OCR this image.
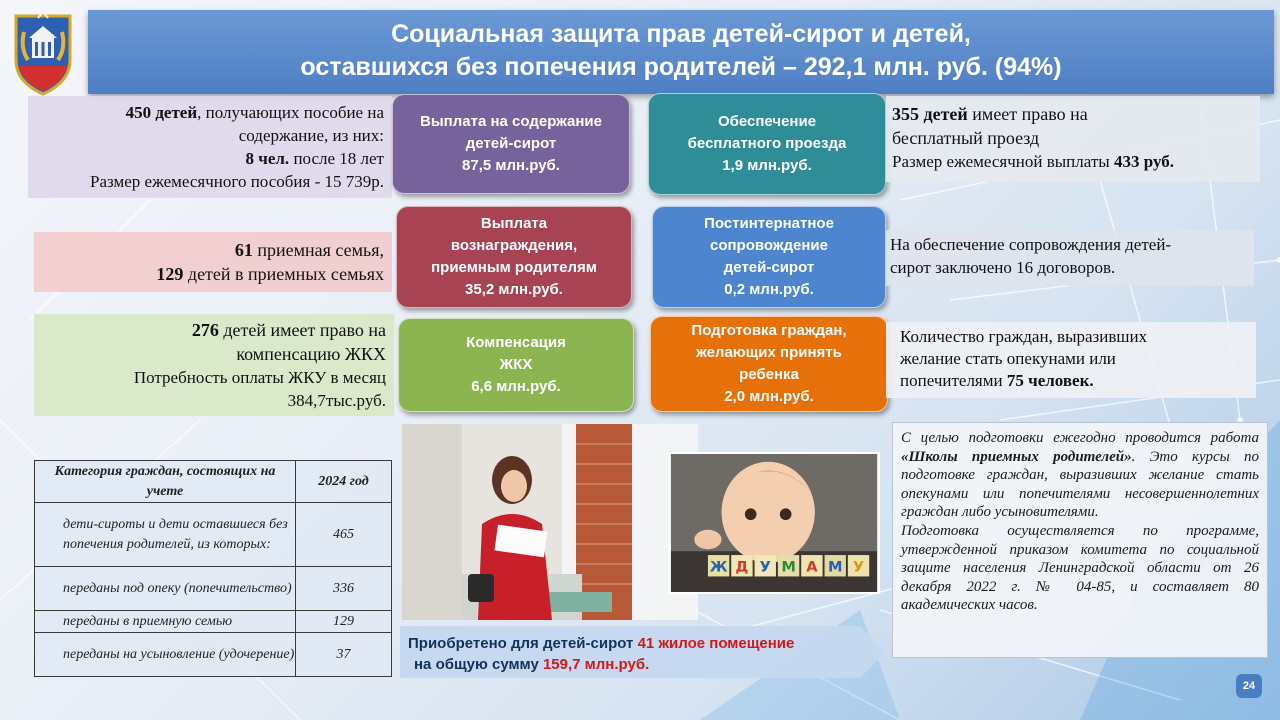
Социальная защита прав детей-сирот и детей,
оставшихся без попечения родителей – 292,1 млн. руб. (94%)
450 детей, получающих пособие на
содержание, из них:
8 чел. после 18 лет
Размер ежемесячного пособия - 15 739р.
61 приемная семья,
129 детей в приемных семьях
276 детей имеет право на
компенсацию ЖКХ
Потребность оплаты ЖКУ в месяц
384,7тыс.руб.
Выплата на содержание
детей-сирот
87,5 млн.руб.
Обеспечение
бесплатного проезда
1,9 млн.руб.
Выплата
вознаграждения,
приемным родителям
35,2 млн.руб.
Постинтернатное
сопровождение
детей-сирот
0,2 млн.руб.
Компенсация
ЖКХ
6,6 млн.руб.
Подготовка граждан,
желающих принять
ребенка
2,0 млн.руб.
355 детей имеет право на
бесплатный проезд
Размер ежемесячной выплаты 433 руб.
На обеспечение сопровождения детей-
сирот заключено 16 договоров.
Количество граждан, выразивших
желание стать опекунами или
попечителями 75 человек.
Категория граждан, состоящих на учете	2024 год

дети-сироты и дети оставшиеся без попечения родителей, из которых:	465

переданы под опеку (попечительство)	336

переданы в приемную семью	129

переданы на усыновление (удочерение)	37
Ж Д У М А М У
Приобретено для детей-сирот 41 жилое помещение
на общую сумму 159,7 млн.руб.
С целью подготовки ежегодно проводится работа «Школы приемных родителей». Это курсы по подготовке граждан, выразивших желание стать опекунами или попечителями несовершеннолетних граждан либо усыновителями.
Подготовка осуществляется по программе, утвержденной приказом комитета по социальной защите населения Ленинградской области от 26 декабря 2022 г. № 04-85, и составляет 80 академических часов.
24
